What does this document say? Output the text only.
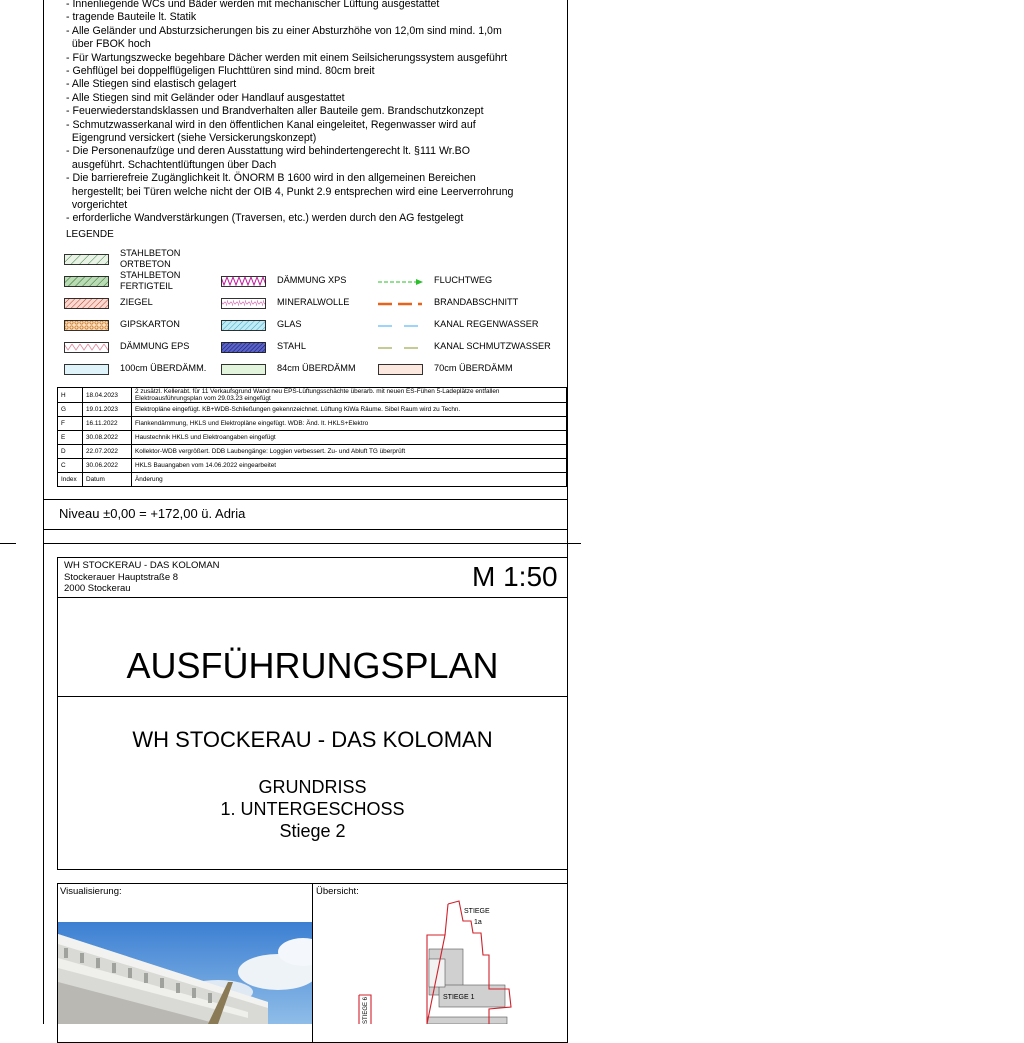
- Innenliegende WCs und Bäder werden mit mechanischer Lüftung ausgestattet
- tragende Bauteile lt. Statik
- Alle Geländer und Absturzsicherungen bis zu einer Absturzhöhe von 12,0m sind mind. 1,0m
über FBOK hoch
- Für Wartungszwecke begehbare Dächer werden mit einem Seilsicherungssystem ausgeführt
- Gehflügel bei doppelflügeligen Fluchttüren sind mind. 80cm breit
- Alle Stiegen sind elastisch gelagert
- Alle Stiegen sind mit Geländer oder Handlauf ausgestattet
- Feuerwiederstandsklassen und Brandverhalten aller Bauteile gem. Brandschutzkonzept
- Schmutzwasserkanal wird in den öffentlichen Kanal eingeleitet, Regenwasser wird auf
Eigengrund versickert (siehe Versickerungskonzept)
- Die Personenaufzüge und deren Ausstattung wird behindertengerecht lt. §111 Wr.BO
ausgeführt. Schachtentlüftungen über Dach
- Die barrierefreie Zugänglichkeit lt. ÖNORM B 1600 wird in den allgemeinen Bereichen
hergestellt; bei Türen welche nicht der OIB 4, Punkt 2.9 entsprechen wird eine Leerverrohrung
vorgerichtet
- erforderliche Wandverstärkungen (Traversen, etc.) werden durch den AG festgelegt
LEGENDE
STAHLBETON
ORTBETON
STAHLBETON
FERTIGTEIL
ZIEGEL
GIPSKARTON
DÄMMUNG EPS
100cm ÜBERDÄMM.
DÄMMUNG XPS
MINERALWOLLE
GLAS
STAHL
84cm ÜBERDÄMM
FLUCHTWEG
BRANDABSCHNITT
KANAL REGENWASSER
KANAL SCHMUTZWASSER
70cm ÜBERDÄMM
H	18.04.2023	2 zusätzl. Kellerabt. für 11 Verkaufsgrund Wand neu EPS-Lüftungsschächte überarb. mit neuen ES-Fühen 5-Ladeplätze entfallen Elektroausführungsplan vom 29.03.23 eingefügt
G	19.01.2023	Elektropläne eingefügt. KB+WDB-Schließungen gekennzeichnet. Lüftung KiWa Räume. Sibel Raum wird zu Techn.
F	16.11.2022	Flankendämmung, HKLS und Elektropläne eingefügt. WDB: Änd. lt. HKLS+Elektro
E	30.08.2022	Haustechnik HKLS und Elektroangaben eingefügt
D	22.07.2022	Kollektor-WDB vergrößert. DDB Laubengänge: Loggien verbessert. Zu- und Abluft TG überprüft
C	30.06.2022	HKLS Bauangaben vom 14.06.2022 eingearbeitet
Index	Datum	Änderung
Niveau ±0,00 = +172,00 ü. Adria
WH STOCKERAU - DAS KOLOMAN
Stockerauer Hauptstraße 8
2000 Stockerau	M 1:50
AUSFÜHRUNGSPLAN
WH STOCKERAU - DAS KOLOMAN
GRUNDRISS
1. UNTERGESCHOSS
Stiege 2
Visualisierung:	Übersicht:
STIEGE
1a
STIEGE 1
STIEGE 6
